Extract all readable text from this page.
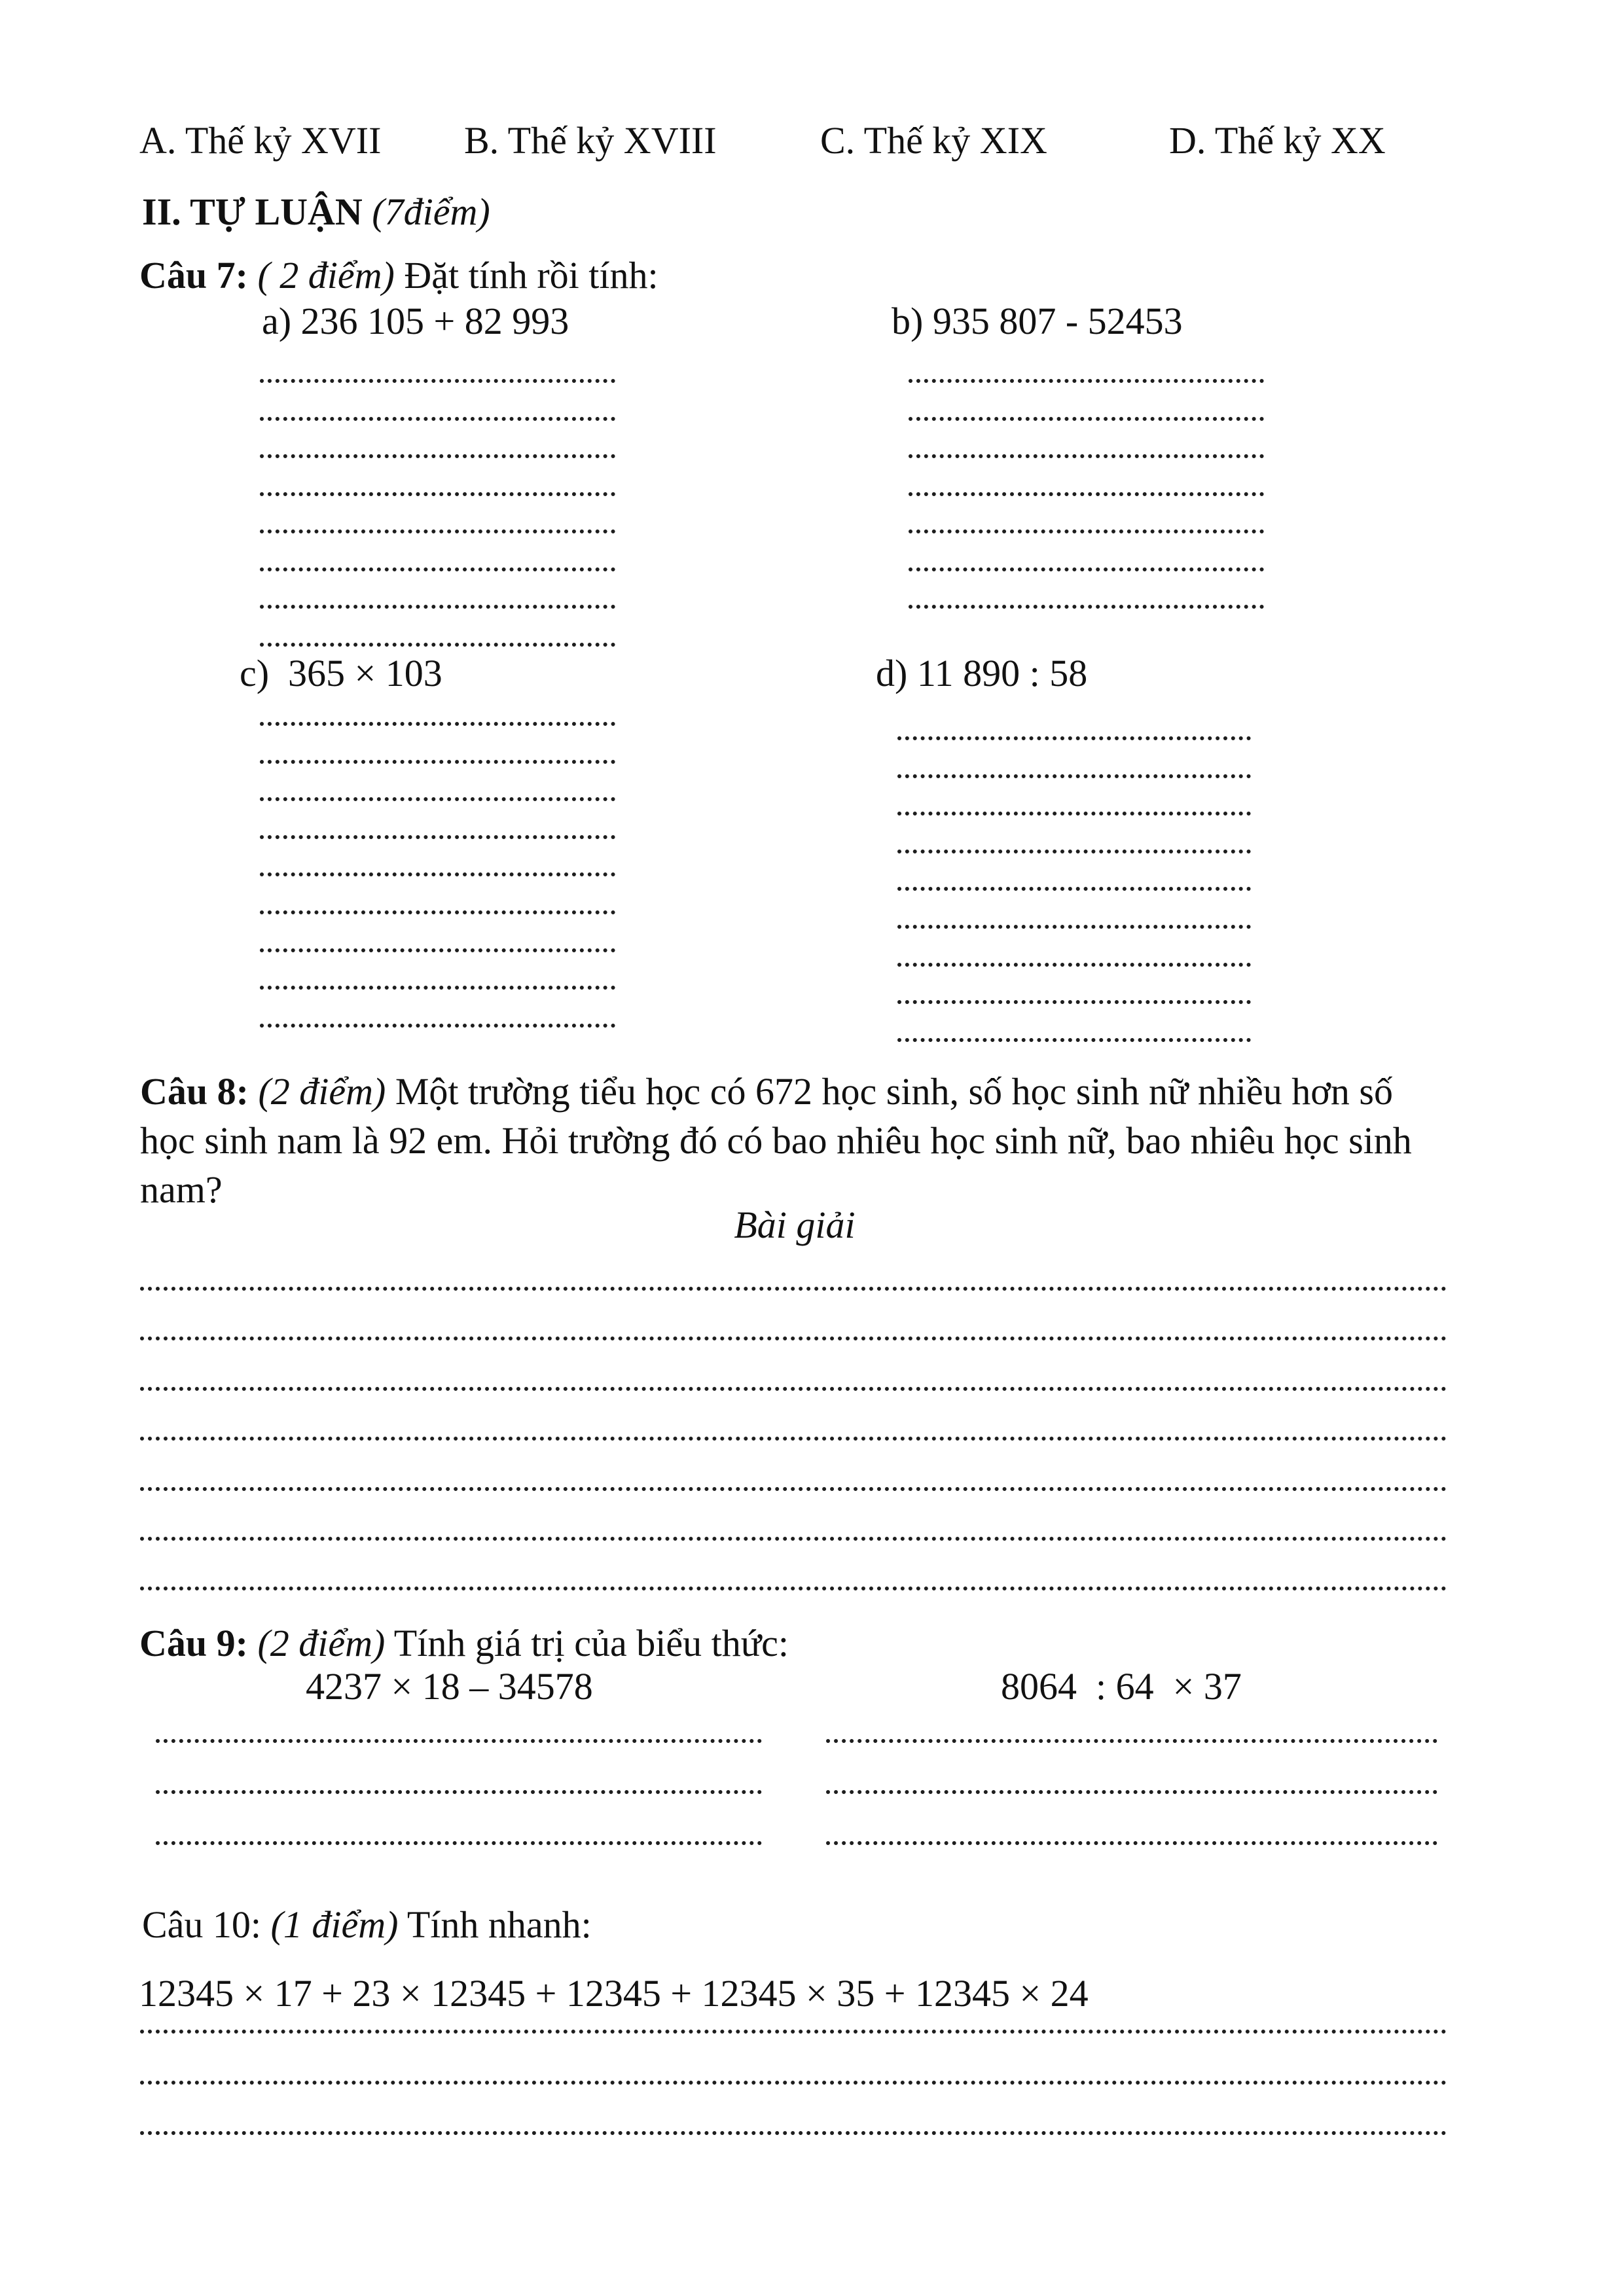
A. Thế kỷ XVII B. Thế kỷ XVIII	C. Thế kỷ XIX	D. Thế kỷ XX
II. TỰ LUẬN (7điểm)
Câu 7: ( 2 điểm) Đặt tính rồi tính:
a) 236 105 + 82 993	b) 935 807 - 52453
c)  365 × 103	d) 11 890 : 58
Câu 8: (2 điểm) Một trường tiểu học có 672 học sinh, số học sinh nữ nhiều hơn số học sinh nam là 92 em. Hỏi trường đó có bao nhiêu học sinh nữ, bao nhiêu học sinh nam?
Bài giải
Câu 9: (2 điểm) Tính giá trị của biểu thức:
4237 × 18 – 34578	8064  : 64  × 37
Câu 10: (1 điểm) Tính nhanh:
12345 × 17 + 23 × 12345 + 12345 + 12345 × 35 + 12345 × 24
